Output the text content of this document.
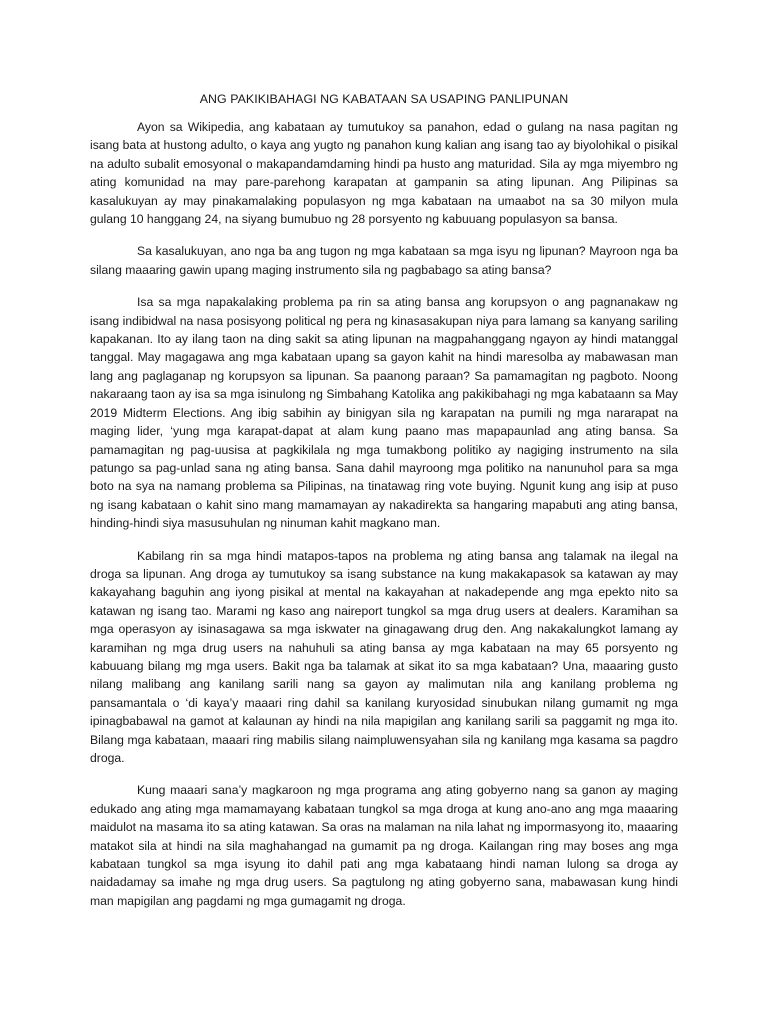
ANG PAKIKIBAHAGI NG KABATAAN SA USAPING PANLIPUNAN

Ayon sa Wikipedia, ang kabataan ay tumutukoy sa panahon, edad o gulang na nasa pagitan ng isang bata at hustong adulto, o kaya ang yugto ng panahon kung kalian ang isang tao ay biyolohikal o pisikal na adulto subalit emosyonal o makapandamdaming hindi pa husto ang maturidad. Sila ay mga miyembro ng ating komunidad na may pare-parehong karapatan at gampanin sa ating lipunan. Ang Pilipinas sa kasalukuyan ay may pinakamalaking populasyon ng mga kabataan na umaabot na sa 30 milyon mula gulang 10 hanggang 24, na siyang bumubuo ng 28 porsyento ng kabuuang populasyon sa bansa.

Sa kasalukuyan, ano nga ba ang tugon ng mga kabataan sa mga isyu ng lipunan? Mayroon nga ba silang maaaring gawin upang maging instrumento sila ng pagbabago sa ating bansa?

Isa sa mga napakalaking problema pa rin sa ating bansa ang korupsyon o ang pagnanakaw ng isang indibidwal na nasa posisyong political ng pera ng kinasasakupan niya para lamang sa kanyang sariling kapakanan. Ito ay ilang taon na ding sakit sa ating lipunan na magpahanggang ngayon ay hindi matanggal tanggal. May magagawa ang mga kabataan upang sa gayon kahit na hindi maresolba ay mabawasan man lang ang paglaganap ng korupsyon sa lipunan. Sa paanong paraan? Sa pamamagitan ng pagboto. Noong nakaraang taon ay isa sa mga isinulong ng Simbahang Katolika ang pakikibahagi ng mga kabataann sa May 2019 Midterm Elections. Ang ibig sabihin ay binigyan sila ng karapatan na pumili ng mga nararapat na maging lider, ‘yung mga karapat-dapat at alam kung paano mas mapapaunlad ang ating bansa. Sa pamamagitan ng pag-uusisa at pagkikilala ng mga tumakbong politiko ay nagiging instrumento na sila patungo sa pag-unlad sana ng ating bansa. Sana dahil mayroong mga politiko na nanunuhol para sa mga boto na sya na namang problema sa Pilipinas, na tinatawag ring vote buying. Ngunit kung ang isip at puso ng isang kabataan o kahit sino mang mamamayan ay nakadirekta sa hangaring mapabuti ang ating bansa, hinding-hindi siya masusuhulan ng ninuman kahit magkano man.

Kabilang rin sa mga hindi matapos-tapos na problema ng ating bansa ang talamak na ilegal na droga sa lipunan. Ang droga ay tumutukoy sa isang substance na kung makakapasok sa katawan ay may kakayahang baguhin ang iyong pisikal at mental na kakayahan at nakadepende ang mga epekto nito sa katawan ng isang tao. Marami ng kaso ang naireport tungkol sa mga drug users at dealers. Karamihan sa mga operasyon ay isinasagawa sa mga iskwater na ginagawang drug den. Ang nakakalungkot lamang ay karamihan ng mga drug users na nahuhuli sa ating bansa ay mga kabataan na may 65 porsyento ng kabuuang bilang mg mga users. Bakit nga ba talamak at sikat ito sa mga kabataan? Una, maaaring gusto nilang malibang ang kanilang sarili nang sa gayon ay malimutan nila ang kanilang problema ng pansamantala o ‘di kaya’y maaari ring dahil sa kanilang kuryosidad sinubukan nilang gumamit ng mga ipinagbabawal na gamot at kalaunan ay hindi na nila mapigilan ang kanilang sarili sa paggamit ng mga ito. Bilang mga kabataan, maaari ring mabilis silang naimpluwensyahan sila ng kanilang mga kasama sa pagdro droga.

Kung maaari sana’y magkaroon ng mga programa ang ating gobyerno nang sa ganon ay maging edukado ang ating mga mamamayang kabataan tungkol sa mga droga at kung ano-ano ang mga maaaring maidulot na masama ito sa ating katawan. Sa oras na malaman na nila lahat ng impormasyong ito, maaaring matakot sila at hindi na sila maghahangad na gumamit pa ng droga. Kailangan ring may boses ang mga kabataan tungkol sa mga isyung ito dahil pati ang mga kabataang hindi naman lulong sa droga ay naidadamay sa imahe ng mga drug users. Sa pagtulong ng ating gobyerno sana, mabawasan kung hindi man mapigilan ang pagdami ng mga gumagamit ng droga.
